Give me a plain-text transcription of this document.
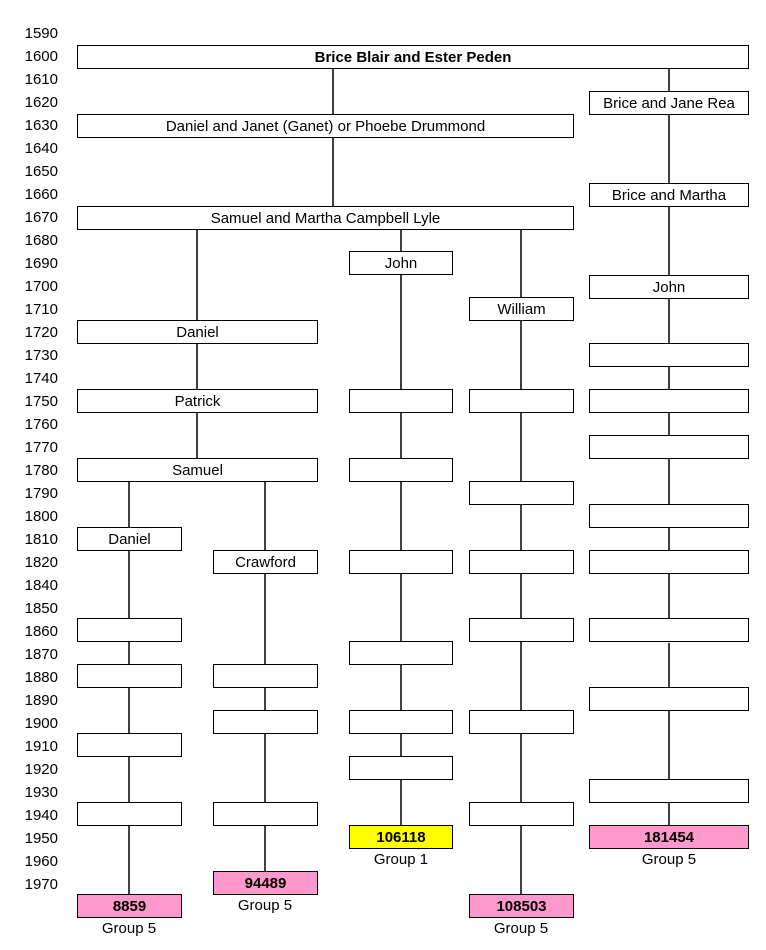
1590
1600
1610
1620
1630
1640
1650
1660
1670
1680
1690
1700
1710
1720
1730
1740
1750
1760
1770
1780
1790
1800
1810
1820
1840
1850
1860
1870
1880
1890
1900
1910
1920
1930
1940
1950
1960
1970
Brice Blair and Ester Peden
Brice and Jane Rea
Daniel and Janet (Ganet) or Phoebe Drummond
Brice and Martha
Samuel and Martha Campbell Lyle
John
John
William
Daniel
Patrick
Samuel
Daniel
Crawford
106118	181454
94489
8859	108503
Group 1	Group 5
Group 5
Group 5	Group 5
